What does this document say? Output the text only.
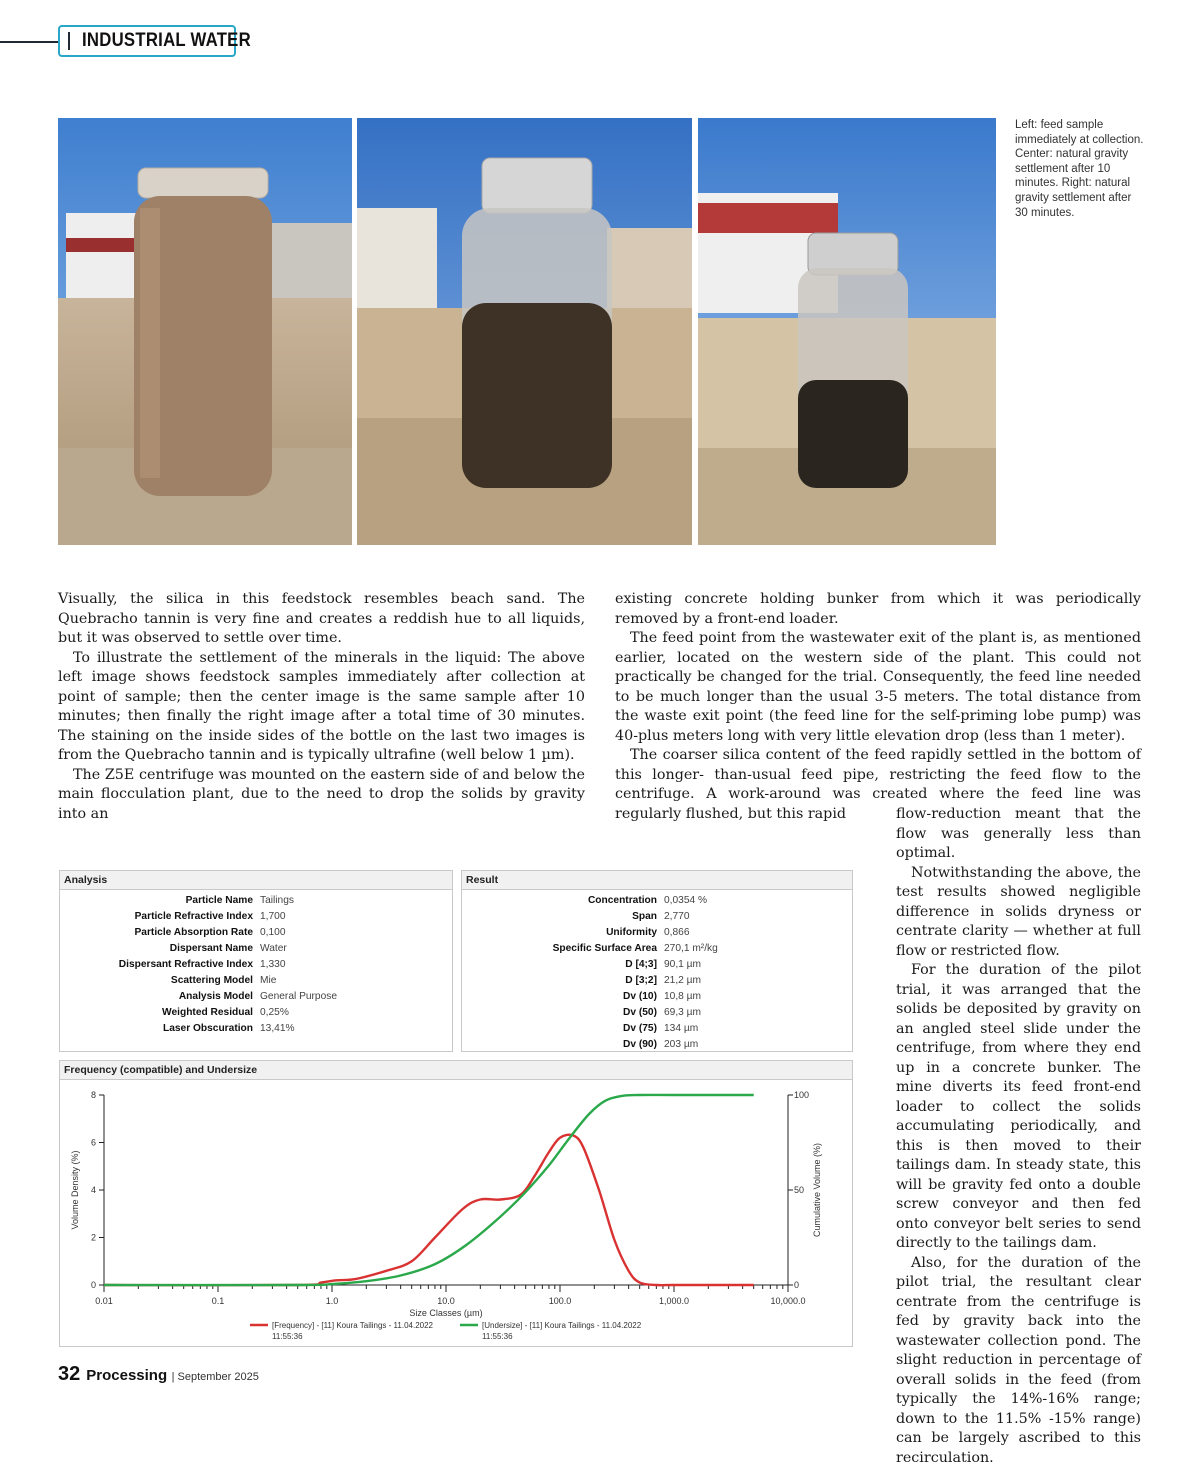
INDUSTRIAL WATER
Left: feed sample immediately at collection. Center: natural gravity settlement after 10 minutes. Right: natural gravity settlement after 30 minutes.

Visually, the silica in this feedstock resembles beach sand. The Quebracho tannin is very fine and creates a reddish hue to all liquids, but it was observed to settle over time.

To illustrate the settlement of the minerals in the liquid: The above left image shows feedstock samples immediately after collection at point of sample; then the center image is the same sample after 10 minutes; then finally the right image after a total time of 30 minutes. The staining on the inside sides of the bottle on the last two images is from the Quebracho tannin and is typically ultrafine (well below 1 µm).

The Z5E centrifuge was mounted on the eastern side of and below the main flocculation plant, due to the need to drop the solids by gravity into an

existing concrete holding bunker from which it was periodically removed by a front-end loader.

The feed point from the wastewater exit of the plant is, as mentioned earlier, located on the western side of the plant. This could not practically be changed for the trial. Consequently, the feed line needed to be much longer than the usual 3-5 meters. The total distance from the waste exit point (the feed line for the self-priming lobe pump) was 40-plus meters long with very little elevation drop (less than 1 meter).

The coarser silica content of the feed rapidly settled in the bottom of this longer- than-usual feed pipe, restricting the feed flow to the centrifuge. A work-around was created where the feed line was regularly flushed, but this rapid	flow-reduction meant that the flow was generally less than optimal.

Notwithstanding the above, the test results showed negligible difference in solids dryness or centrate clarity — whether at full flow or restricted flow.

For the duration of the pilot trial, it was arranged that the solids be deposited by gravity on an angled steel slide under the centrifuge, from where they end up in a concrete bunker. The mine diverts its feed front-end loader to collect the solids accumulating periodically, and this is then moved to their tailings dam. In steady state, this will be gravity fed onto a double screw conveyor and then fed onto conveyor belt series to send directly to the tailings dam.

Also, for the duration of the pilot trial, the resultant clear centrate from the centrifuge is fed by gravity back into the wastewater collection pond. The slight reduction in percentage of overall solids in the feed (from typically the 14%-16% range; down to the 11.5% -15% range) can be largely ascribed to this recirculation.

Analysis
Particle Name Tailings
Particle Refractive Index 1,700
Particle Absorption Rate 0,100
Dispersant Name Water
Dispersant Refractive Index 1,330
Scattering Model Mie
Analysis Model General Purpose
Weighted Residual 0,25%
Laser Obscuration 13,41%
Result
Concentration 0,0354 %
Span 2,770
Uniformity 0,866
Specific Surface Area 270,1 m²/kg
D [4;3] 90,1 µm
D [3;2] 21,2 µm
Dv (10) 10,8 µm
Dv (50) 69,3 µm
Dv (75) 134 µm
Dv (90) 203 µm
Frequency (compatible) and Undersize
0
2
4
6
8
0
50
100
0.01	0.1	1.0	10.0	100.0	1,000.0	10,000.0
Size Classes (µm)
Volume Density (%)	Cumulative Volume (%)
[Frequency] - [11] Koura Tailings - 11.04.2022
11:55:36
[Undersize] - [11] Koura Tailings - 11.04.2022
11:55:36
32 Processing | September 2025
